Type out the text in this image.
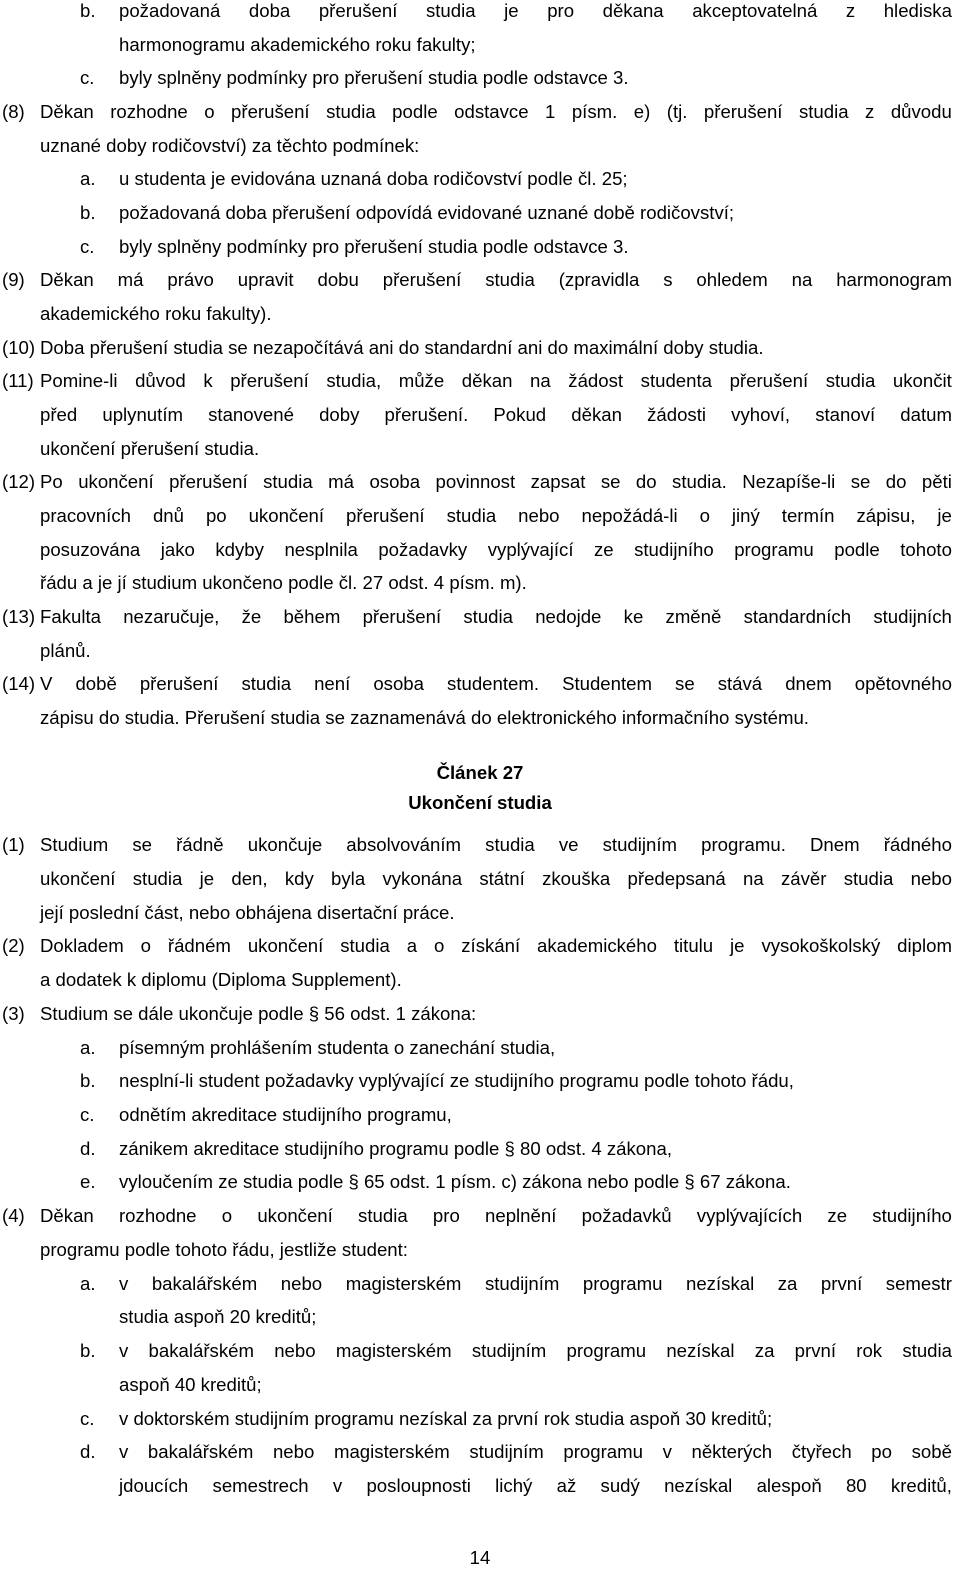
b. požadovaná doba přerušení studia je pro děkana akceptovatelná z hlediska
harmonogramu akademického roku fakulty;
c. byly splněny podmínky pro přerušení studia podle odstavce 3.
(8) Děkan rozhodne o přerušení studia podle odstavce 1 písm. e) (tj. přerušení studia z důvodu
uznané doby rodičovství) za těchto podmínek:
a. u studenta je evidována uznaná doba rodičovství podle čl. 25;
b. požadovaná doba přerušení odpovídá evidované uznané době rodičovství;
c. byly splněny podmínky pro přerušení studia podle odstavce 3.
(9) Děkan má právo upravit dobu přerušení studia (zpravidla s ohledem na harmonogram
akademického roku fakulty).
(10) Doba přerušení studia se nezapočítává ani do standardní ani do maximální doby studia.
(11) Pomine-li důvod k přerušení studia, může děkan na žádost studenta přerušení studia ukončit
před uplynutím stanovené doby přerušení. Pokud děkan žádosti vyhoví, stanoví datum
ukončení přerušení studia.
(12) Po ukončení přerušení studia má osoba povinnost zapsat se do studia. Nezapíše-li se do pěti
pracovních dnů po ukončení přerušení studia nebo nepožádá-li o jiný termín zápisu, je
posuzována jako kdyby nesplnila požadavky vyplývající ze studijního programu podle tohoto
řádu a je jí studium ukončeno podle čl. 27 odst. 4 písm. m).
(13) Fakulta nezaručuje, že během přerušení studia nedojde ke změně standardních studijních
plánů.
(14) V době přerušení studia není osoba studentem. Studentem se stává dnem opětovného
zápisu do studia. Přerušení studia se zaznamenává do elektronického informačního systému.
Článek 27
Ukončení studia
(1) Studium se řádně ukončuje absolvováním studia ve studijním programu. Dnem řádného
ukončení studia je den, kdy byla vykonána státní zkouška předepsaná na závěr studia nebo
její poslední část, nebo obhájena disertační práce.
(2) Dokladem o řádném ukončení studia a o získání akademického titulu je vysokoškolský diplom
a dodatek k diplomu (Diploma Supplement).
(3) Studium se dále ukončuje podle § 56 odst. 1 zákona:
a. písemným prohlášením studenta o zanechání studia,
b. nesplní-li student požadavky vyplývající ze studijního programu podle tohoto řádu,
c. odnětím akreditace studijního programu,
d. zánikem akreditace studijního programu podle § 80 odst. 4 zákona,
e. vyloučením ze studia podle § 65 odst. 1 písm. c) zákona nebo podle § 67 zákona.
(4) Děkan rozhodne o ukončení studia pro neplnění požadavků vyplývajících ze studijního
programu podle tohoto řádu, jestliže student:
a. v bakalářském nebo magisterském studijním programu nezískal za první semestr
studia aspoň 20 kreditů;
b. v bakalářském nebo magisterském studijním programu nezískal za první rok studia
aspoň 40 kreditů;
c. v doktorském studijním programu nezískal za první rok studia aspoň 30 kreditů;
d. v bakalářském nebo magisterském studijním programu v některých čtyřech po sobě
jdoucích semestrech v posloupnosti lichý až sudý nezískal alespoň 80 kreditů,
14
